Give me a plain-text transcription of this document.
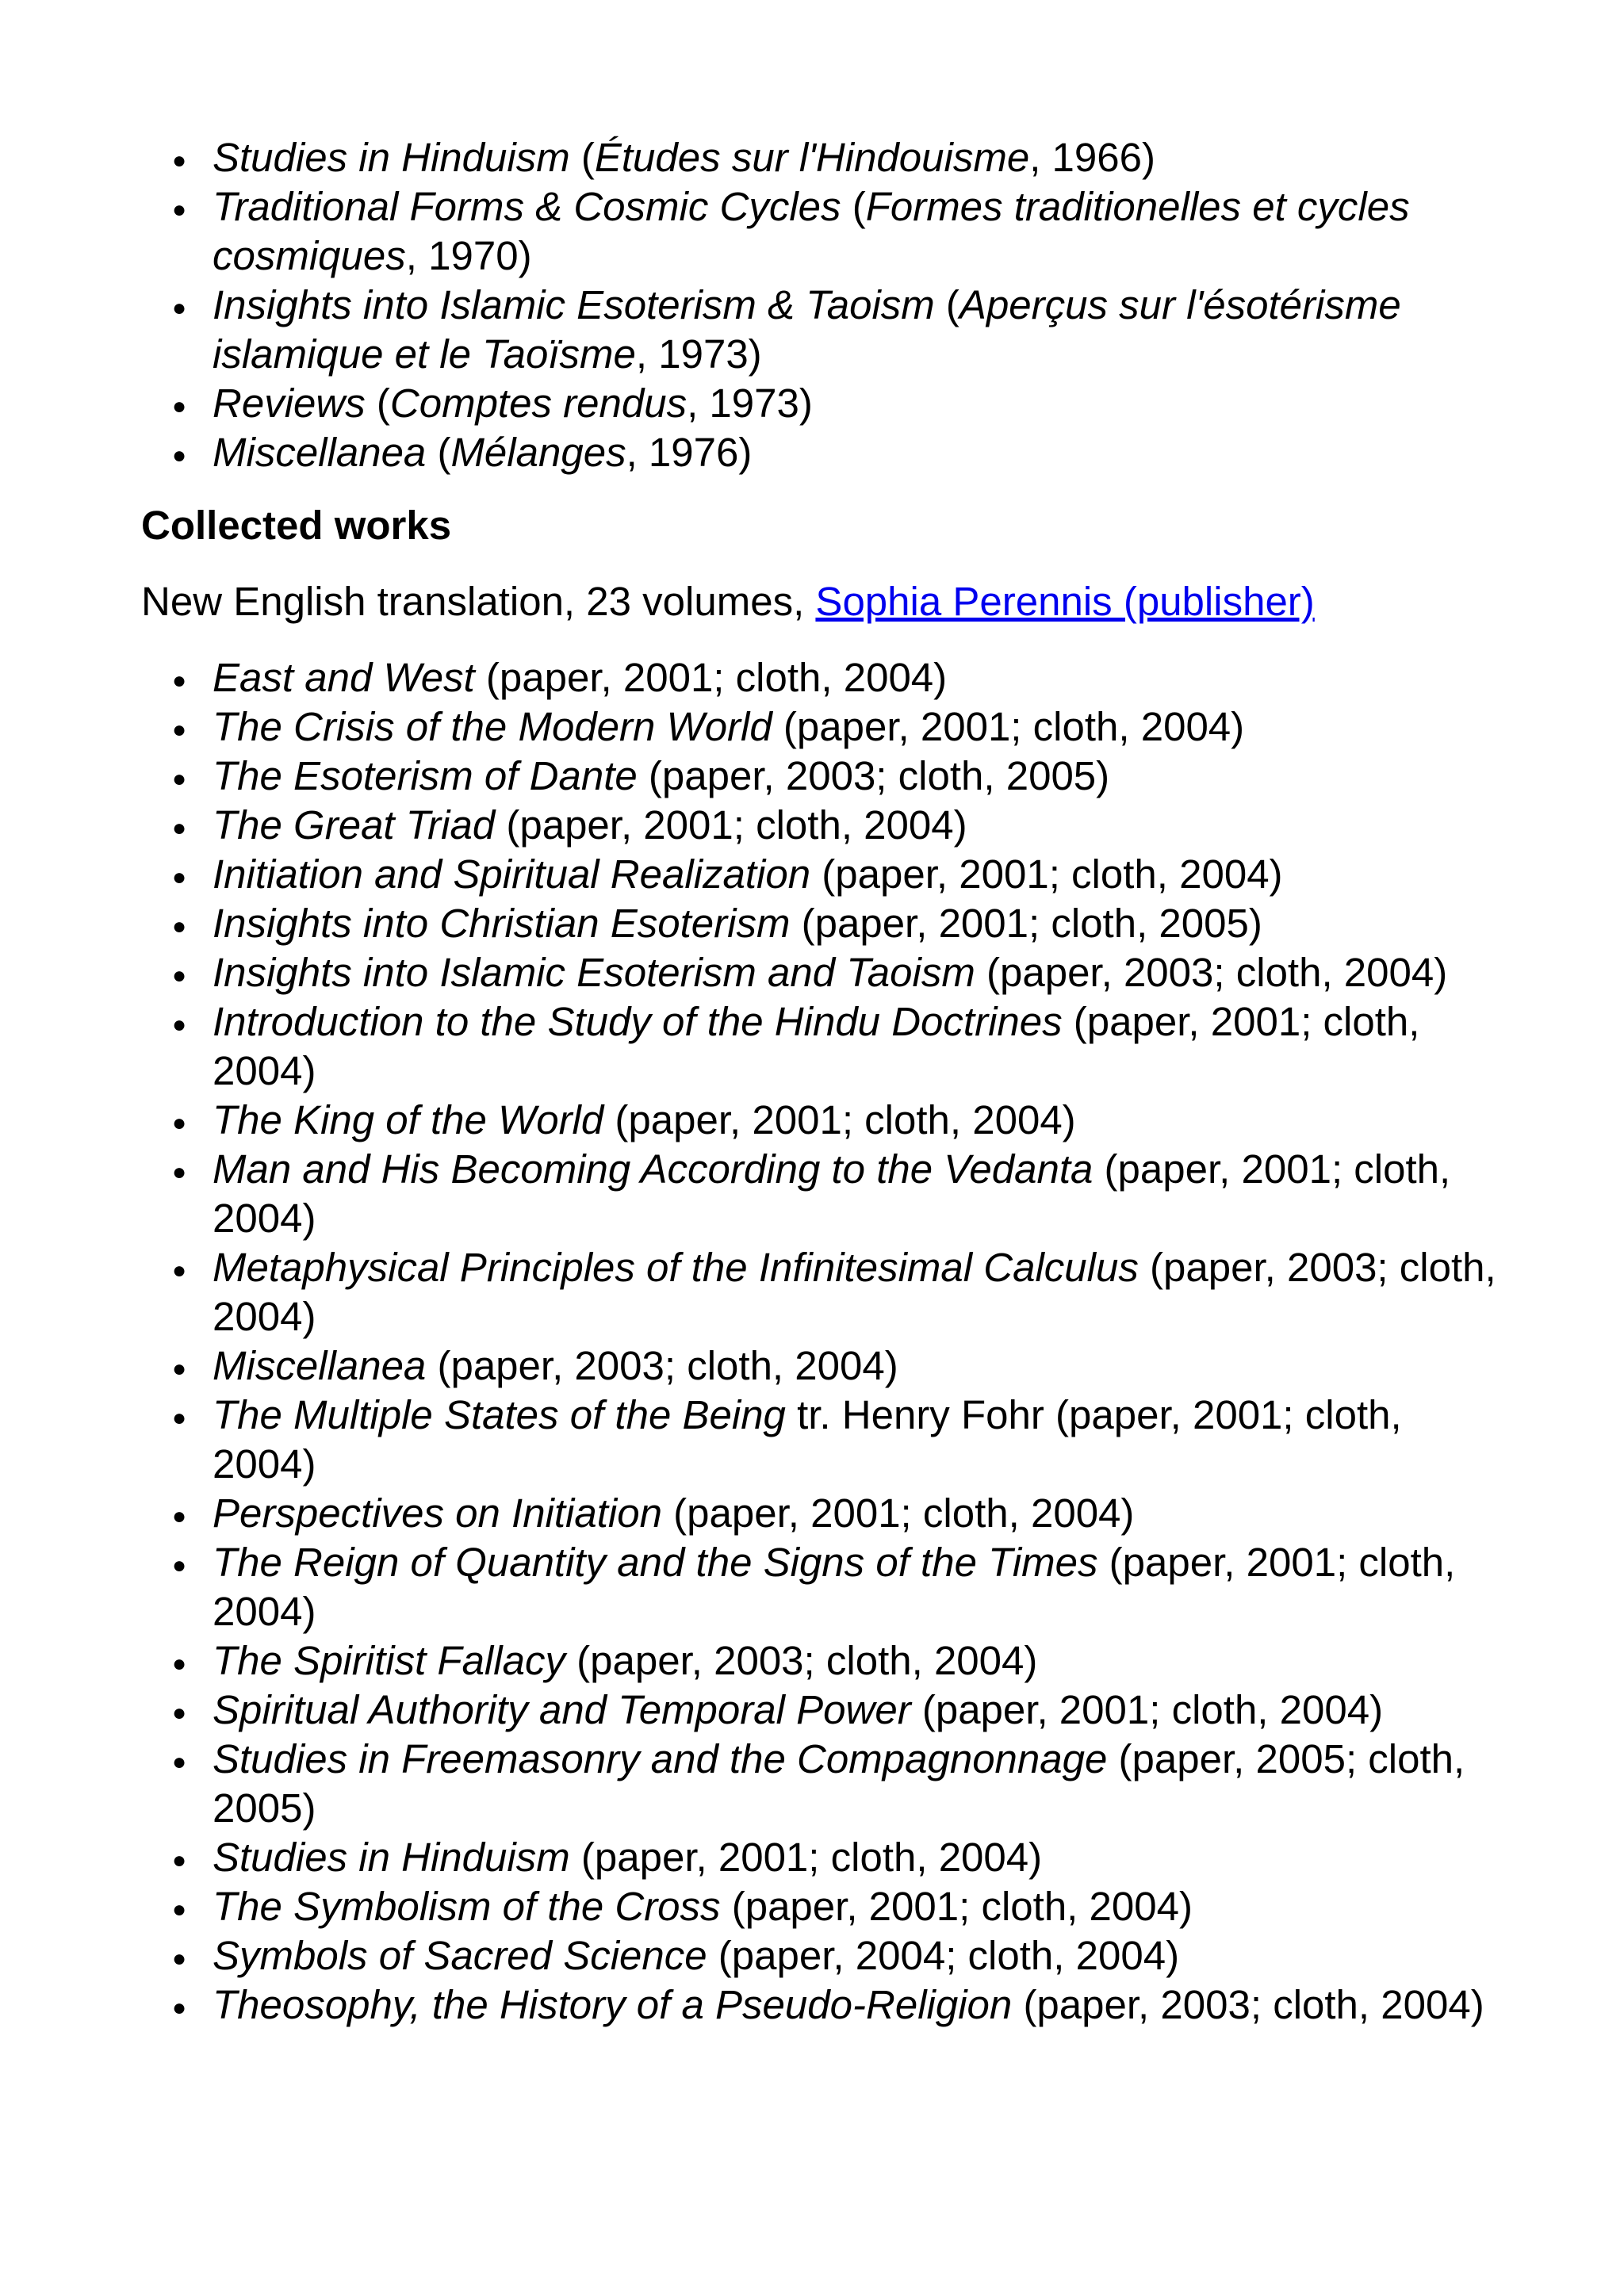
● Studies in Hinduism (Études sur l'Hindouisme, 1966)
● Traditional Forms & Cosmic Cycles (Formes traditionelles et cycles cosmiques, 1970)
● Insights into Islamic Esoterism & Taoism (Aperçus sur l'ésotérisme islamique et le Taoïsme, 1973)
● Reviews (Comptes rendus, 1973)
● Miscellanea (Mélanges, 1976)
Collected works
New English translation, 23 volumes, Sophia Perennis (publisher)
● East and West (paper, 2001; cloth, 2004)
● The Crisis of the Modern World (paper, 2001; cloth, 2004)
● The Esoterism of Dante (paper, 2003; cloth, 2005)
● The Great Triad (paper, 2001; cloth, 2004)
● Initiation and Spiritual Realization (paper, 2001; cloth, 2004)
● Insights into Christian Esoterism (paper, 2001; cloth, 2005)
● Insights into Islamic Esoterism and Taoism (paper, 2003; cloth, 2004)
● Introduction to the Study of the Hindu Doctrines (paper, 2001; cloth, 2004)
● The King of the World (paper, 2001; cloth, 2004)
● Man and His Becoming According to the Vedanta (paper, 2001; cloth, 2004)
● Metaphysical Principles of the Infinitesimal Calculus (paper, 2003; cloth, 2004)
● Miscellanea (paper, 2003; cloth, 2004)
● The Multiple States of the Being tr. Henry Fohr (paper, 2001; cloth, 2004)
● Perspectives on Initiation (paper, 2001; cloth, 2004)
● The Reign of Quantity and the Signs of the Times (paper, 2001; cloth, 2004)
● The Spiritist Fallacy (paper, 2003; cloth, 2004)
● Spiritual Authority and Temporal Power (paper, 2001; cloth, 2004)
● Studies in Freemasonry and the Compagnonnage (paper, 2005; cloth, 2005)
● Studies in Hinduism (paper, 2001; cloth, 2004)
● The Symbolism of the Cross (paper, 2001; cloth, 2004)
● Symbols of Sacred Science (paper, 2004; cloth, 2004)
● Theosophy, the History of a Pseudo-Religion (paper, 2003; cloth, 2004)
